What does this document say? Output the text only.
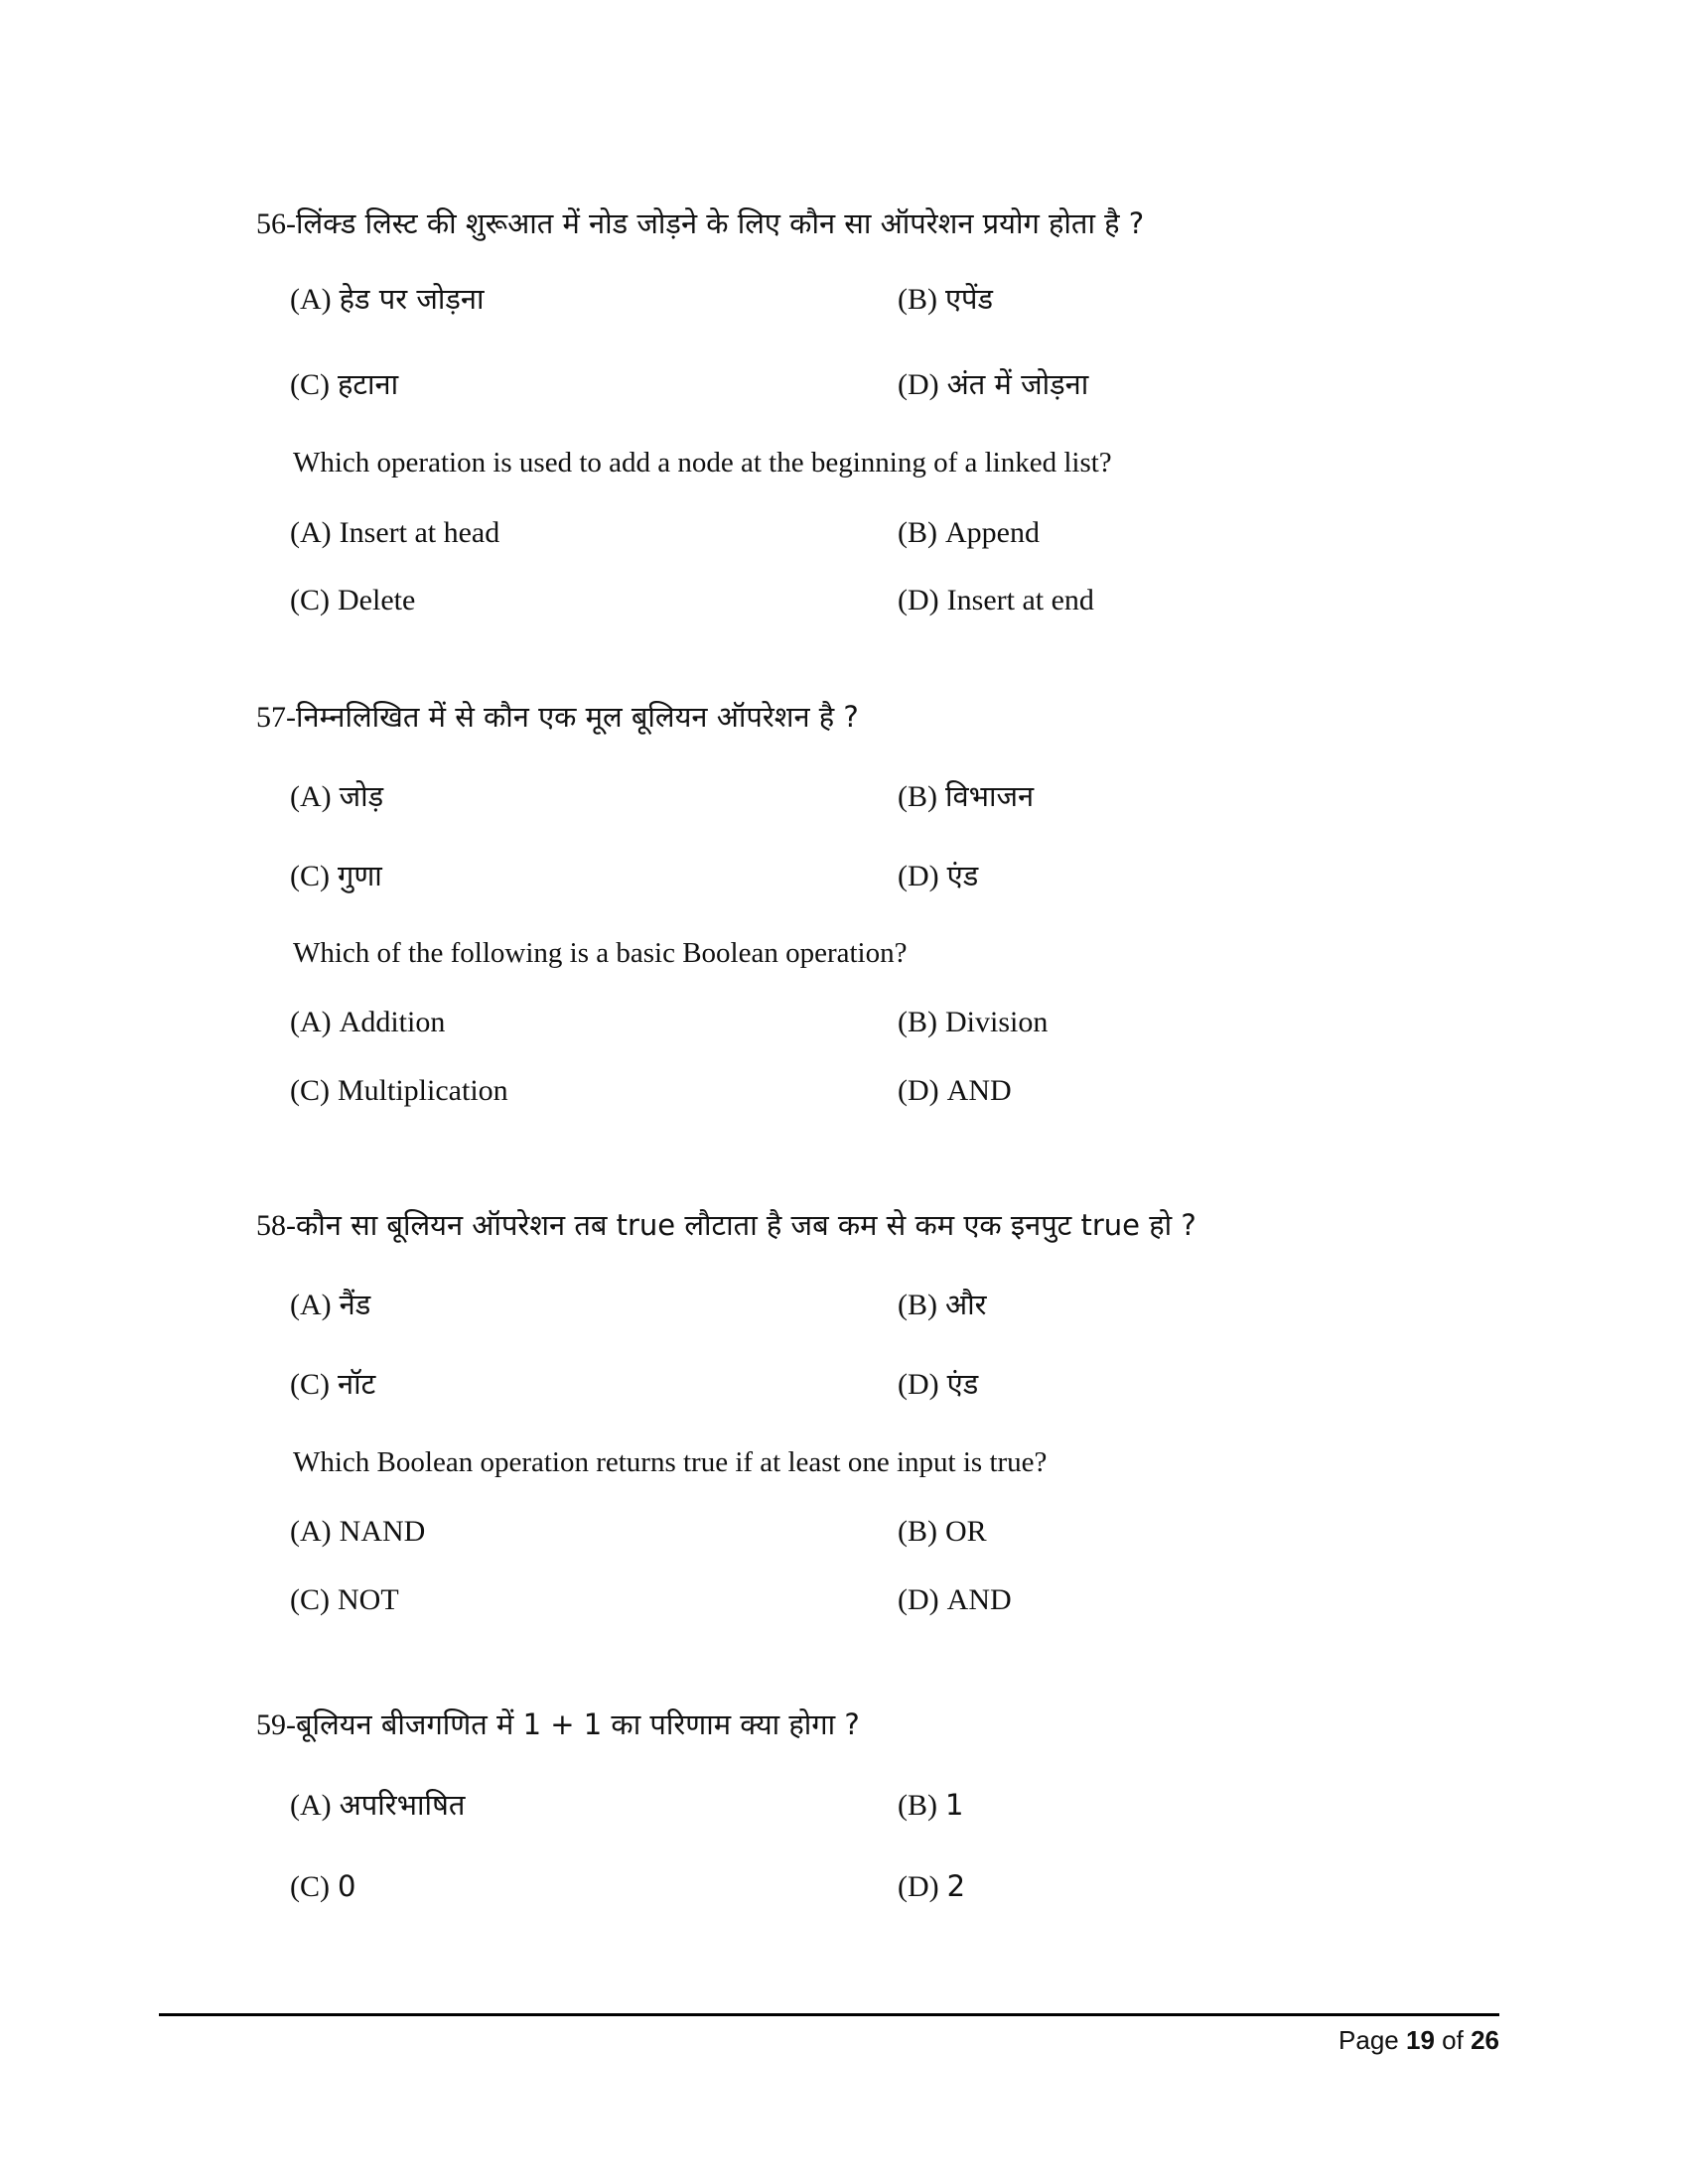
56-लिंक्ड लिस्ट की शुरूआत में नोड जोड़ने के लिए कौन सा ऑपरेशन प्रयोग होता है ?
(A) हेड पर जोड़ना	(B) एपेंड
(C) हटाना	(D) अंत में जोड़ना
Which operation is used to add a node at the beginning of a linked list?
(A) Insert at head	(B) Append
(C) Delete	(D) Insert at end
57-निम्नलिखित में से कौन एक मूल बूलियन ऑपरेशन है ?
(A) जोड़	(B) विभाजन
(C) गुणा	(D) एंड
Which of the following is a basic Boolean operation?
(A) Addition	(B) Division
(C) Multiplication	(D) AND
58-कौन सा बूलियन ऑपरेशन तब true लौटाता है जब कम से कम एक इनपुट true हो ?
(A) नैंड	(B) और
(C) नॉट	(D) एंड
Which Boolean operation returns true if at least one input is true?
(A) NAND	(B) OR
(C) NOT	(D) AND
59-बूलियन बीजगणित में 1 + 1 का परिणाम क्या होगा ?
(A) अपरिभाषित	(B) 1
(C) 0	(D) 2
Page 19 of 26
